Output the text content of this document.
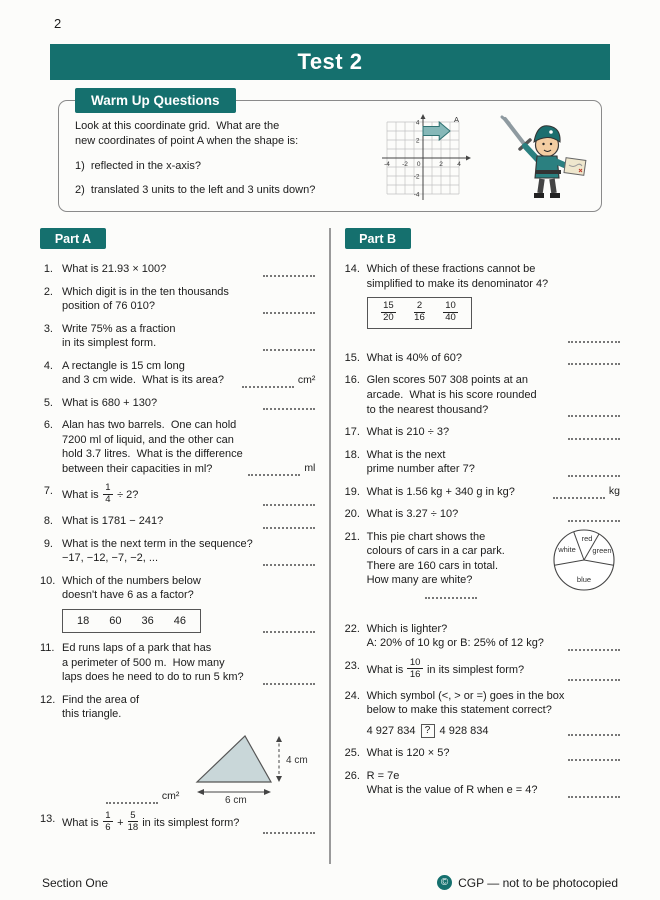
2
Test 2
Warm Up Questions
Look at this coordinate grid.  What are the
new coordinates of point A when the shape is:
1)  reflected in the x-axis?
2)  translated 3 units to the left and 3 units down?
-4 -2 0	2 4
4
2
-2
-4
A
Part A
1. What is 21.93 × 100?
2. Which digit is in the ten thousands
position of 76 010?
3. Write 75% as a fraction
in its simplest form.
4. A rectangle is 15 cm long
and 3 cm wide.  What is its area?	cm²
5. What is 680 + 130?
6. Alan has two barrels.  One can hold
7200 ml of liquid, and the other can
hold 3.7 litres.  What is the difference
between their capacities in ml?	ml
7. What is $\frac{1}{4} \div 2$?
8. What is 1781 − 241?
9. What is the next term in the sequence?
−17, −12, −7, −2, ...
10. Which of the numbers below
doesn't have 6 as a factor?
18 60 36 46
11. Ed runs laps of a park that has
a perimeter of 500 m.  How many
laps does he need to do to run 5 km?
12. Find the area of
this triangle.
cm²
4 cm
6 cm
13. What is $\frac{1}{6} + \frac{5}{18}$ in its simplest form?
Part B
14. Which of these fractions cannot be
simplified to make its denominator 4?
$\frac{15}{20} \frac{2}{16} \frac{10}{40}$
15. What is 40% of 60?
16. Glen scores 507 308 points at an
arcade.  What is his score rounded
to the nearest thousand?
17. What is 210 ÷ 3?
18. What is the next
prime number after 7?
19. What is 1.56 kg + 340 g in kg?	kg
20. What is 3.27 ÷ 10?
21. This pie chart shows the
colours of cars in a car park.
There are 160 cars in total.
How many are white?
white
red
green
blue
22. Which is lighter?
A: 20% of 10 kg or B: 25% of 12 kg?
23. What is $\frac{10}{16}$ in its simplest form?
24. Which symbol (<, > or =) goes in the box
below to make this statement correct?
4 927 834 ? 4 928 834
25. What is 120 × 5?
26. R = 7e
What is the value of R when e = 4?
Section One	© CGP — not to be photocopied
